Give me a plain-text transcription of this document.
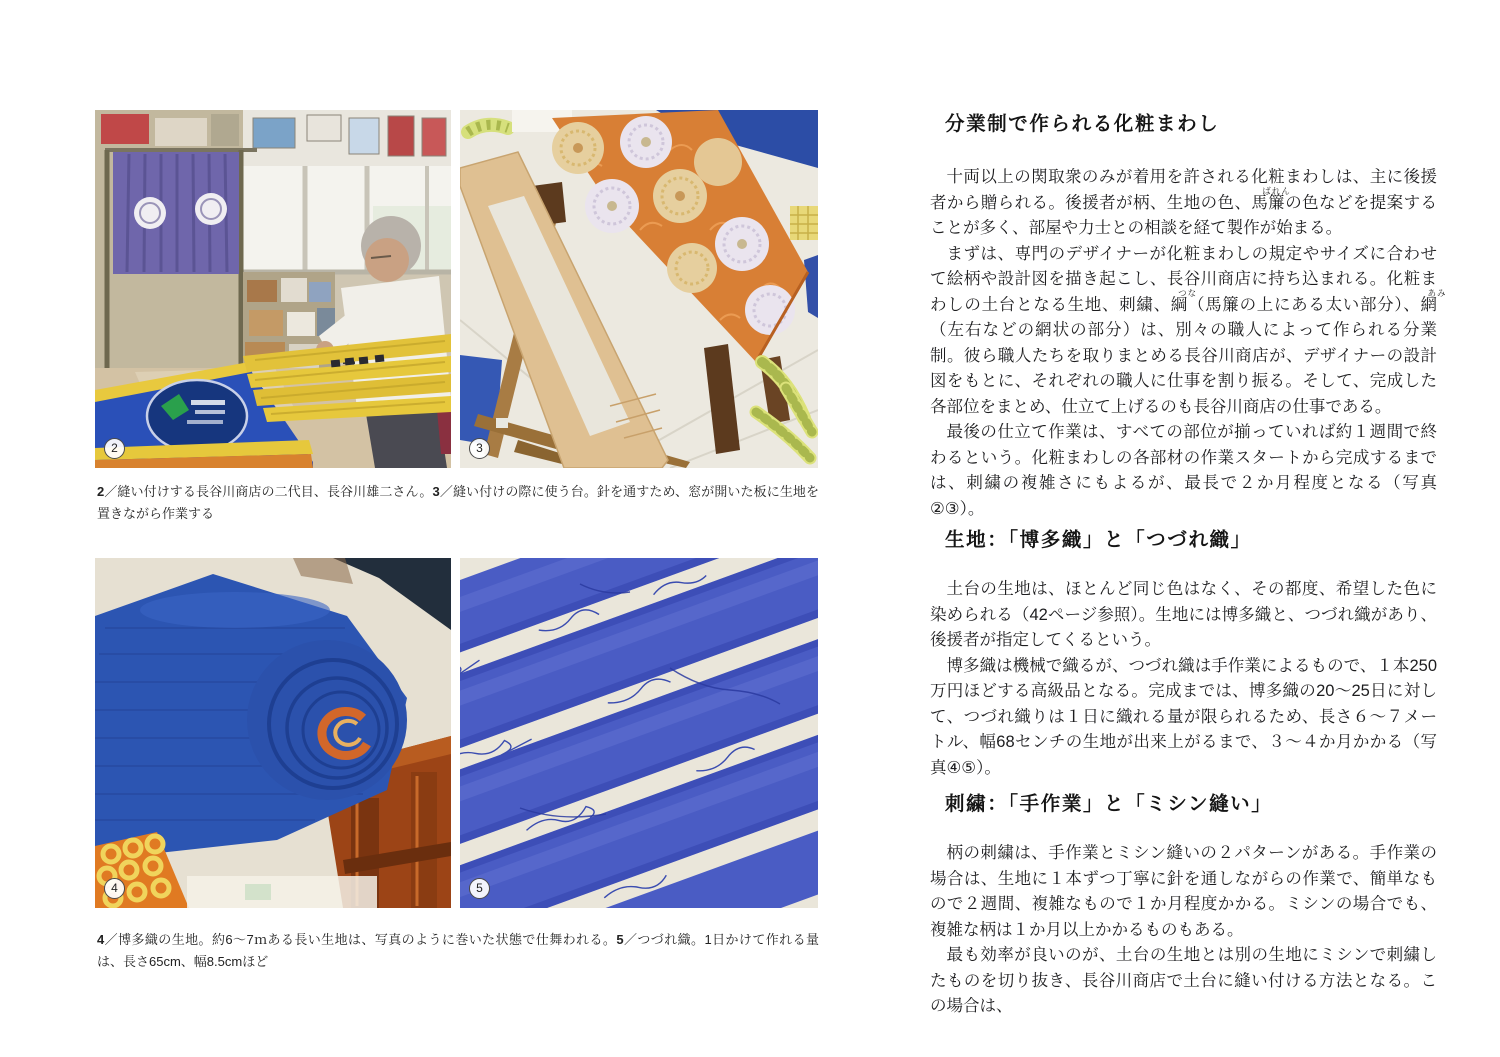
2	3
2／縫い付けする長谷川商店の二代目、長谷川雄二さん。3／縫い付けの際に使う台。針を通すため、窓が開いた板に生地を置きながら作業する
4	5
4／博多織の生地。約6〜7ｍある長い生地は、写真のように巻いた状態で仕舞われる。5／つづれ織。1日かけて作れる量は、長さ65cm、幅8.5cmほど
分業制で作られる化粧まわし

十両以上の関取衆のみが着用を許される化粧まわしは、主に後援者から贈られる。後援者が柄、生地の色、馬簾
ばれん
の色などを提案することが多く、部屋や力士との相談を経て製作が始まる。

まずは、専門のデザイナーが化粧まわしの規定やサイズに合わせて絵柄や設計図を描き起こし、長谷川商店に持ち込まれる。化粧まわしの土台となる生地、刺繍、綱
つな
（馬簾の上にある太い部分）、網
あみ
（左右などの網状の部分）は、別々の職人によって作られる分業制。彼ら職人たちを取りまとめる長谷川商店が、デザイナーの設計図をもとに、それぞれの職人に仕事を割り振る。そして、完成した各部位をまとめ、仕立て上げるのも長谷川商店の仕事である。

最後の仕立て作業は、すべての部位が揃っていれば約１週間で終わるという。化粧まわしの各部材の作業スタートから完成するまでは、刺繍の複雑さにもよるが、最長で２か月程度となる（写真②③）。

生地：「博多織」と「つづれ織」

土台の生地は、ほとんど同じ色はなく、その都度、希望した色に染められる（42ページ参照）。生地には博多織と、つづれ織があり、後援者が指定してくるという。

博多織は機械で織るが、つづれ織は手作業によるもので、１本250万円ほどする高級品となる。完成までは、博多織の20〜25日に対して、つづれ織りは１日に織れる量が限られるため、長さ６〜７メートル、幅68センチの生地が出来上がるまで、３〜４か月かかる（写真④⑤）。

刺繍：「手作業」と「ミシン縫い」

柄の刺繍は、手作業とミシン縫いの２パターンがある。手作業の場合は、生地に１本ずつ丁寧に針を通しながらの作業で、簡単なもので２週間、複雑なもので１か月程度かかる。ミシンの場合でも、複雑な柄は１か月以上かかるものもある。

最も効率が良いのが、土台の生地とは別の生地にミシンで刺繍したものを切り抜き、長谷川商店で土台に縫い付ける方法となる。この場合は、
